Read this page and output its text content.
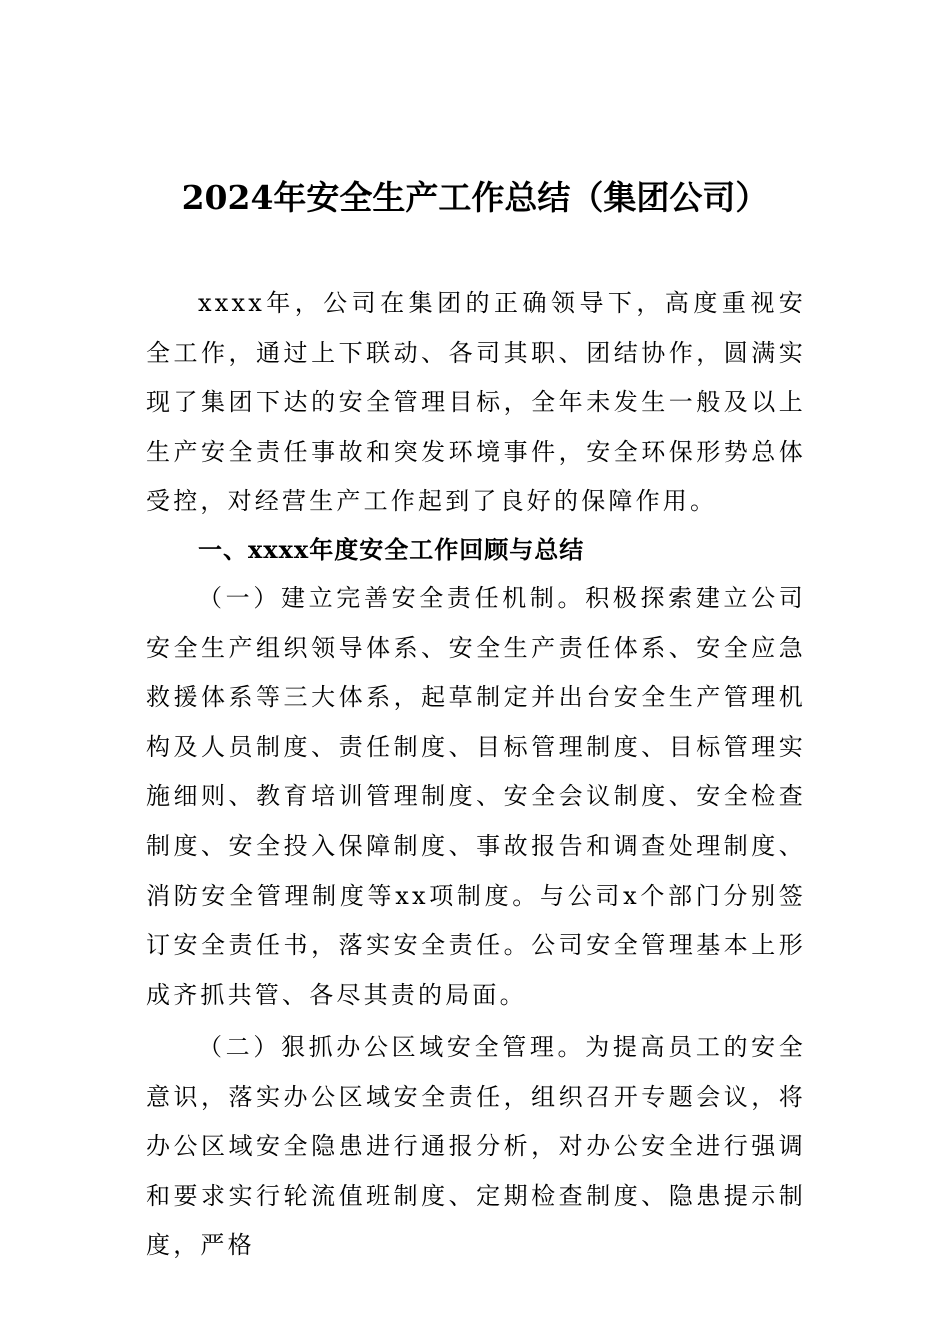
2024年安全生产工作总结（集团公司）

xxxx年，公司在集团的正确领导下，高度重视安全工作，通过上下联动、各司其职、团结协作，圆满实现了集团下达的安全管理目标，全年未发生一般及以上生产安全责任事故和突发环境事件，安全环保形势总体受控，对经营生产工作起到了良好的保障作用。

一、xxxx年度安全工作回顾与总结

（一）建立完善安全责任机制。积极探索建立公司安全生产组织领导体系、安全生产责任体系、安全应急救援体系等三大体系，起草制定并出台安全生产管理机构及人员制度、责任制度、目标管理制度、目标管理实施细则、教育培训管理制度、安全会议制度、安全检查制度、安全投入保障制度、事故报告和调查处理制度、消防安全管理制度等xx项制度。与公司x个部门分别签订安全责任书，落实安全责任。公司安全管理基本上形成齐抓共管、各尽其责的局面。

（二）狠抓办公区域安全管理。为提高员工的安全意识，落实办公区域安全责任，组织召开专题会议，将办公区域安全隐患进行通报分析，对办公安全进行强调和要求实行轮流值班制度、定期检查制度、隐患提示制度，严格
